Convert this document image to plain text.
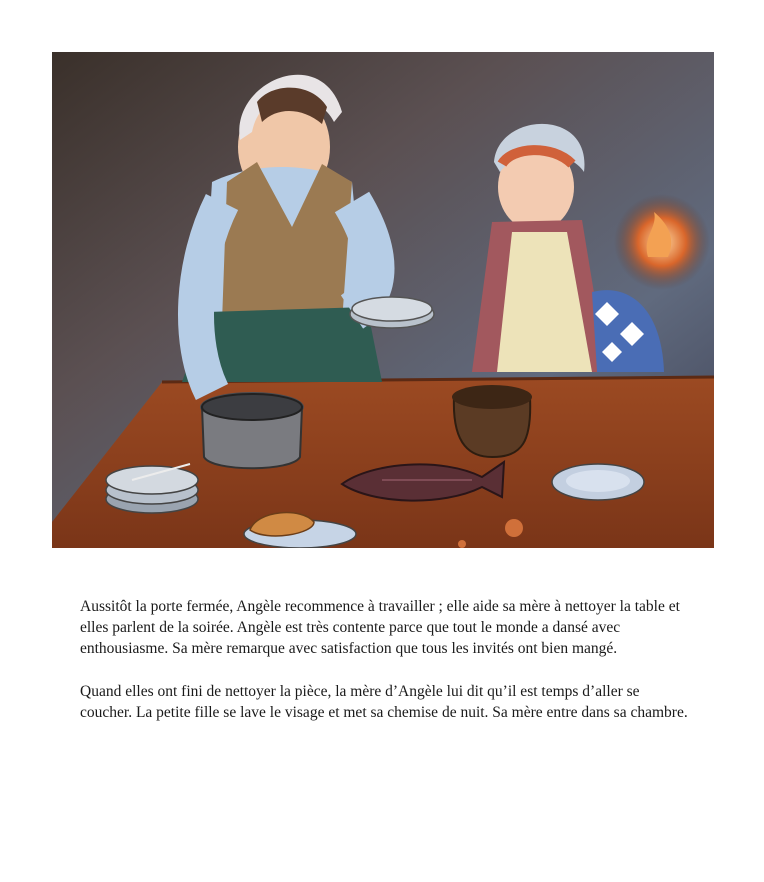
Aussitôt la porte fermée, Angèle recommence à travailler ; elle aide sa mère à nettoyer la table et elles parlent de la soirée. Angèle est très contente parce que tout le monde a dansé avec enthousiasme. Sa mère remarque avec satisfaction que tous les invités ont bien mangé.

Quand elles ont fini de nettoyer la pièce, la mère d’Angèle lui dit qu’il est temps d’aller se coucher. La petite fille se lave le visage et met sa chemise de nuit. Sa mère entre dans sa chambre.
